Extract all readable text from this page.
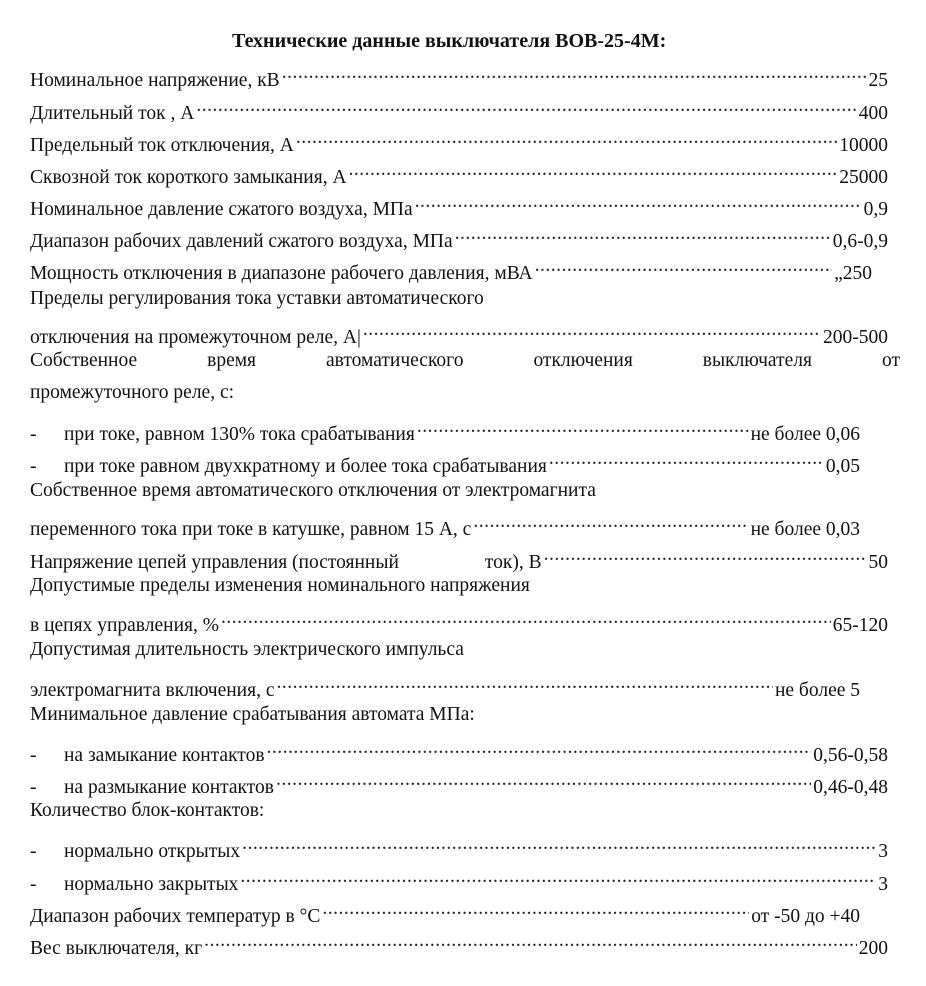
Технические данные выключателя ВОВ-25-4М:
Номинальное напряжение, кВ .....	25
Длительный ток , А .....	400
Предельный ток отключения, А .....	10000
Сквозной ток короткого замыкания, А .....	25000
Номинальное давление сжатого воздуха, МПа .....	0,9
Диапазон рабочих давлений сжатого воздуха, МПа .....	0,6-0,9
Мощность отключения в диапазоне рабочего давления, мВА .....	„250
Пределы регулирования тока уставки автоматического
отключения на промежуточном реле, А| .....	200-500
Собственное	время	автоматического	отключения	выключателя	от
промежуточного реле, с:
-	при токе, равном 130% тока срабатывания .....	не более 0,06
-	при токе равном двухкратному и более тока срабатывания .....	0,05
Собственное время автоматического отключения от электромагнита
переменного тока при токе в катушке, равном 15 А, с .....	не более 0,03
Напряжение цепей управления (постоянный	ток), В .....	50
Допустимые пределы изменения номинального напряжения
в цепях управления, % .....	65-120
Допустимая длительность электрического импульса
электромагнита включения, с .....	не более 5
Минимальное давление срабатывания автомата МПа:
-	на замыкание контактов .....	0,56-0,58
-	на размыкание контактов .....	0,46-0,48
Количество блок-контактов:
-	нормально открытых .....	3
-	нормально закрытых .....	3
Диапазон рабочих температур в °С .....	от -50 до +40
Вес выключателя, кг .....	200
